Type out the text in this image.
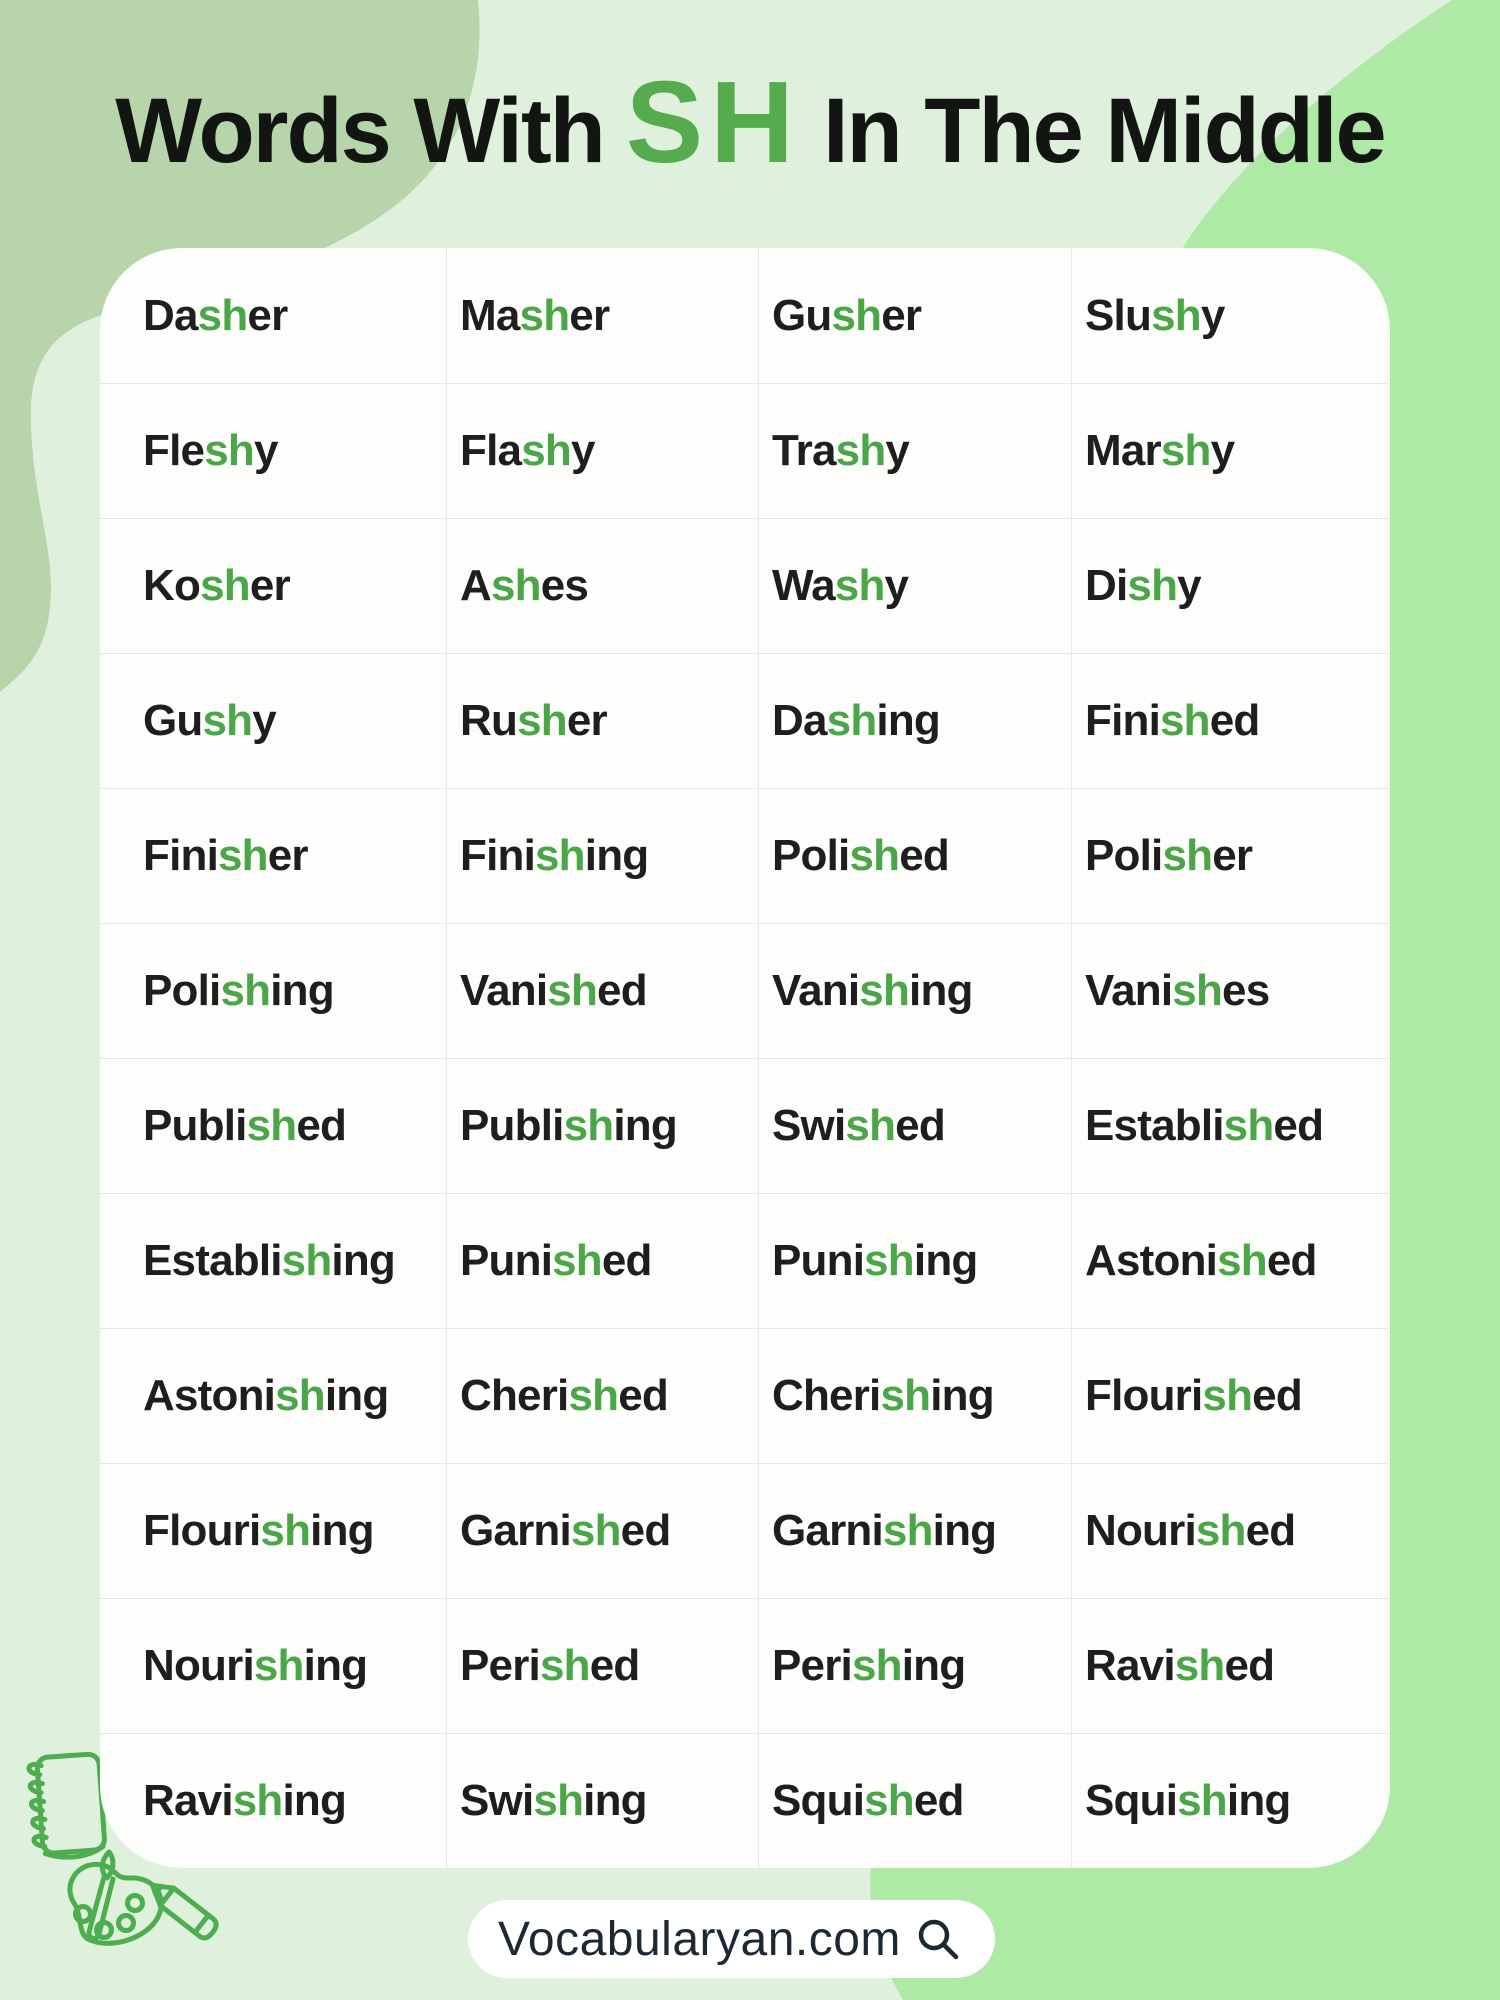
Words With SH In The Middle
Dasher	Masher	Gusher	Slushy
Fleshy	Flashy	Trashy	Marshy
Kosher	Ashes	Washy	Dishy
Gushy	Rusher	Dashing	Finished
Finisher	Finishing	Polished	Polisher
Polishing	Vanished	Vanishing	Vanishes
Published	Publishing Swished	Established
Establishing Punished	Punishing Astonished
Astonishing Cherished Cherishing Flourished
Flourishing Garnished Garnishing Nourished
Nourishing Perished	Perishing	Ravished
Ravishing	Swishing	Squished	Squishing
Vocabularyan.com
